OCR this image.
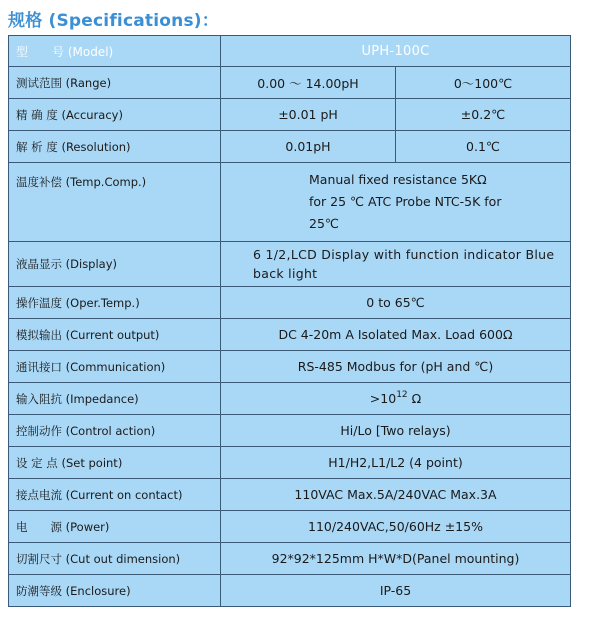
规格 (Specifications)：
型　　号 (Model)	UPH-100C	
测试范围 (Range)	0.00 ～ 14.00pH	0～100℃
精 确 度 (Accuracy)	±0.01 pH	±0.2℃
解 析 度 (Resolution)	0.01pH	0.1℃
温度补偿 (Temp.Comp.)	Manual fixed resistance 5KΩ
for 25 ℃ ATC Probe NTC-5K for
25℃	

液晶显示 (Display)	6 1/2,LCD Display with function indicator Blue back light	
操作温度 (Oper.Temp.)	0 to 65℃	
模拟输出 (Current output)	DC 4-20m A Isolated Max. Load 600Ω	
通讯接口 (Communication)	RS-485 Modbus for (pH and ℃)	
输入阻抗 (Impedance)	$>10^{12}$ Ω	
控制动作 (Control action)	Hi/Lo [Two relays)	
设 定 点 (Set point)	H1/H2,L1/L2 (4 point)	
接点电流 (Current on contact)	110VAC Max.5A/240VAC Max.3A	
电　　源 (Power)	110/240VAC,50/60Hz ±15%	
切割尺寸 (Cut out dimension)	92*92*125mm H*W*D(Panel mounting)	
防潮等级 (Enclosure)	IP-65	
